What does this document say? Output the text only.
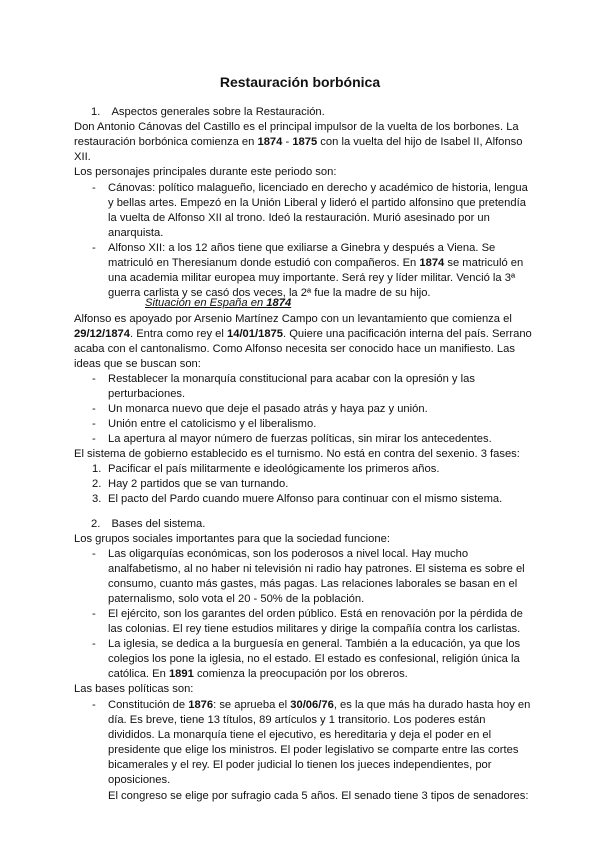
Restauración borbónica
1. Aspectos generales sobre la Restauración.
Don Antonio Cánovas del Castillo es el principal impulsor de la vuelta de los borbones. La
restauración borbónica comienza en 1874 - 1875 con la vuelta del hijo de Isabel II, Alfonso
XII.
Los personajes principales durante este periodo son:
- Cánovas: político malagueño, licenciado en derecho y académico de historia, lengua
y bellas artes. Empezó en la Unión Liberal y lideró el partido alfonsino que pretendía
la vuelta de Alfonso XII al trono. Ideó la restauración. Murió asesinado por un
anarquista.
- Alfonso XII: a los 12 años tiene que exiliarse a Ginebra y después a Viena. Se
matriculó en Theresianum donde estudió con compañeros. En 1874 se matriculó en
una academia militar europea muy importante. Será rey y líder militar. Venció la 3ª
guerra carlista y se casó dos veces, la 2ª fue la madre de su hijo.
Situación en España en 1874
Alfonso es apoyado por Arsenio Martínez Campo con un levantamiento que comienza el
29/12/1874. Entra como rey el 14/01/1875. Quiere una pacificación interna del país. Serrano
acaba con el cantonalismo. Como Alfonso necesita ser conocido hace un manifiesto. Las
ideas que se buscan son:
- Restablecer la monarquía constitucional para acabar con la opresión y las
perturbaciones.
- Un monarca nuevo que deje el pasado atrás y haya paz y unión.
- Unión entre el catolicismo y el liberalismo.
- La apertura al mayor número de fuerzas políticas, sin mirar los antecedentes.
El sistema de gobierno establecido es el turnismo. No está en contra del sexenio. 3 fases:
1. Pacificar el país militarmente e ideológicamente los primeros años.
2. Hay 2 partidos que se van turnando.
3. El pacto del Pardo cuando muere Alfonso para continuar con el mismo sistema.
2. Bases del sistema.
Los grupos sociales importantes para que la sociedad funcione:
- Las oligarquías económicas, son los poderosos a nivel local. Hay mucho
analfabetismo, al no haber ni televisión ni radio hay patrones. El sistema es sobre el
consumo, cuanto más gastes, más pagas. Las relaciones laborales se basan en el
paternalismo, solo vota el 20 - 50% de la población.
- El ejército, son los garantes del orden público. Está en renovación por la pérdida de
las colonias. El rey tiene estudios militares y dirige la compañía contra los carlistas.
- La iglesia, se dedica a la burguesía en general. También a la educación, ya que los
colegios los pone la iglesia, no el estado. El estado es confesional, religión única la
católica. En 1891 comienza la preocupación por los obreros.
Las bases políticas son:
- Constitución de 1876: se aprueba el 30/06/76, es la que más ha durado hasta hoy en
día. Es breve, tiene 13 títulos, 89 artículos y 1 transitorio. Los poderes están
divididos. La monarquía tiene el ejecutivo, es hereditaria y deja el poder en el
presidente que elige los ministros. El poder legislativo se comparte entre las cortes
bicamerales y el rey. El poder judicial lo tienen los jueces independientes, por
oposiciones.
El congreso se elige por sufragio cada 5 años. El senado tiene 3 tipos de senadores:
